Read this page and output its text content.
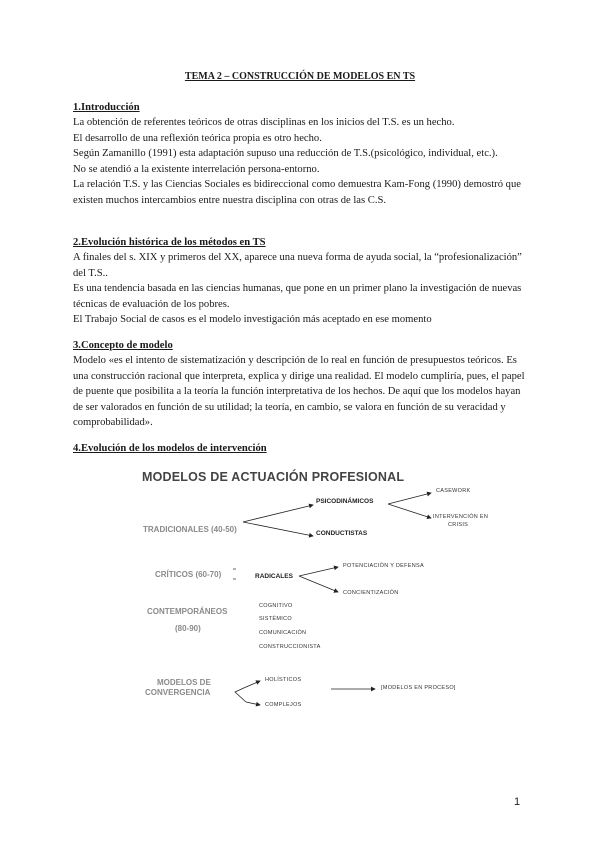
TEMA 2 – CONSTRUCCIÓN DE MODELOS EN TS
1.Introducción

La obtención de referentes teóricos de otras disciplinas en los inicios del T.S. es un hecho.

El desarrollo de una reflexión teórica propia es otro hecho.

Según Zamanillo (1991) esta adaptación supuso una reducción de T.S.(psicológico, individual, etc.).

No se atendió a la existente interrelación persona-entorno.

La relación T.S. y las Ciencias Sociales es bidireccional como demuestra Kam-Fong (1990) demostró que existen muchos intercambios entre nuestra disciplina con otras de las C.S.

2.Evolución histórica de los métodos en TS

A finales del s. XIX y primeros del XX, aparece una nueva forma de ayuda social, la “profesionalización” del T.S..

Es una tendencia basada en las ciencias humanas, que pone en un primer plano la investigación de nuevas técnicas de evaluación de los pobres.

El Trabajo Social de casos es el modelo investigación más aceptado en ese momento

3.Concepto de modelo

Modelo «es el intento de sistematización y descripción de lo real en función de presupuestos teóricos. Es una construcción racional que interpreta, explica y dirige una realidad. El modelo cumpliría, pues, el papel de puente que posibilita a la teoría la función interpretativa de los hechos. De aquí que los modelos hayan de ser valorados en función de su utilidad; la teoría, en cambio, se valora en función de su veracidad y comprobabilidad».

4.Evolución de los modelos de intervención
MODELOS DE ACTUACIÓN PROFESIONAL
TRADICIONALES (40-50)
PSICODINÁMICOS
CONDUCTISTAS
CASEWORK
INTERVENCIÓN EN
CRISIS
CRÍTICOS (60-70)	RADICALES
POTENCIACIÓN Y DEFENSA
CONCIENTIZACIÓN
CONTEMPORÁNEOS
(80-90)
COGNITIVO
SISTÉMICO
COMUNICACIÓN
CONSTRUCCIONISTA
MODELOS DE
CONVERGENCIA
HOLÍSTICOS
COMPLEJOS
[MODELOS EN PROCESO]
1
